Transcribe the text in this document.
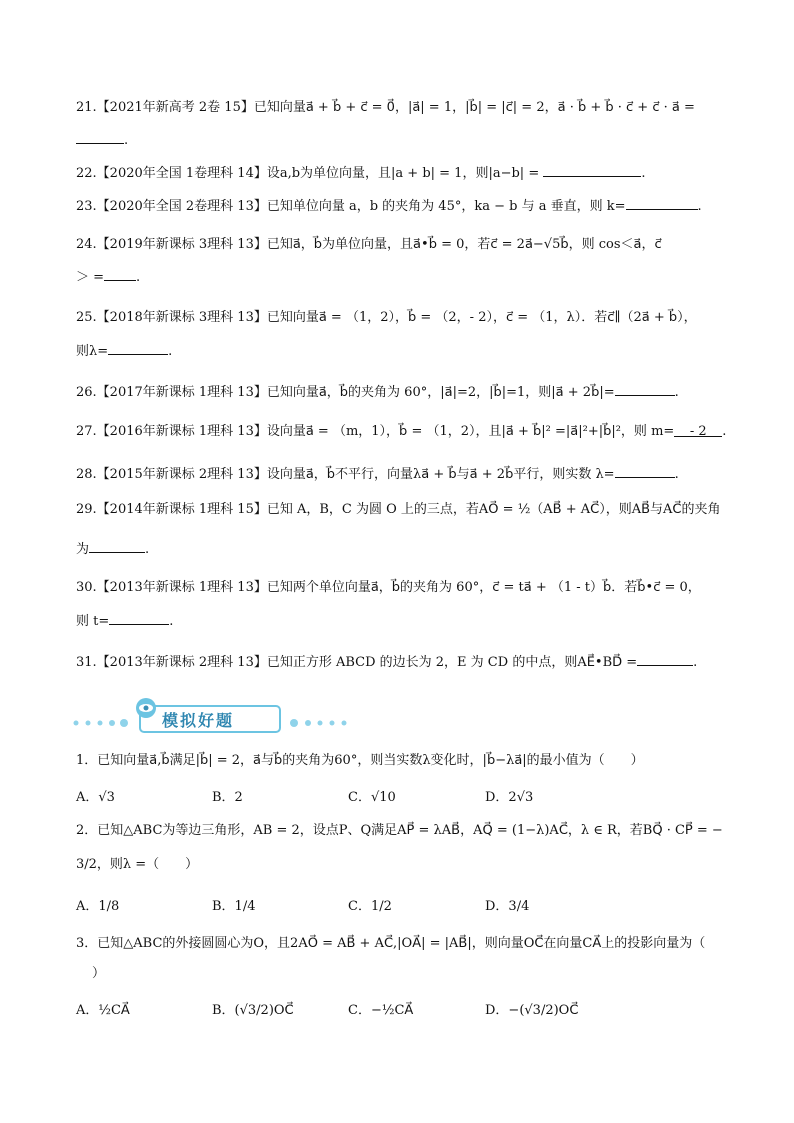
21.【2021年新高考 2卷 15】已知向量a⃗ + b⃗ + c⃗ = 0⃗，|a⃗| = 1，|b⃗| = |c⃗| = 2，a⃗ · b⃗ + b⃗ · c⃗ + c⃗ · a⃗ =
.
22.【2020年全国 1卷理科 14】设a,b为单位向量，且|a + b| = 1，则|a−b| =	.
23.【2020年全国 2卷理科 13】已知单位向量 a，b 的夹角为 45°，ka − b 与 a 垂直，则 k=	.
24.【2019年新课标 3理科 13】已知a⃗，b⃗为单位向量，且a⃗•b⃗ = 0，若c⃗ = 2a⃗−√5b⃗，则 cos＜a⃗，c⃗
＞ = .
25.【2018年新课标 3理科 13】已知向量a⃗ = （1，2），b⃗ = （2，- 2），c⃗ = （1，λ）．若c⃗∥（2a⃗ + b⃗），
则λ=	.
26.【2017年新课标 1理科 13】已知向量a⃗，b⃗的夹角为 60°，|a⃗|=2，|b⃗|=1，则|a⃗ + 2b⃗|=	.
27.【2016年新课标 1理科 13】设向量a⃗ = （m，1），b⃗ = （1，2），且|a⃗ + b⃗|² =|a⃗|²+|b⃗|²，则 m= - 2 .
28.【2015年新课标 2理科 13】设向量a⃗，b⃗不平行，向量λa⃗ + b⃗与a⃗ + 2b⃗平行，则实数 λ=	.
29.【2014年新课标 1理科 15】已知 A，B，C 为圆 O 上的三点，若AO⃗ = ½（AB⃗ + AC⃗），则AB⃗与AC⃗的夹角
为	.
30.【2013年新课标 1理科 13】已知两个单位向量a⃗，b⃗的夹角为 60°，c⃗ = ta⃗ + （1 - t）b⃗．若b⃗•c⃗ = 0，
则 t=	.
31.【2013年新课标 2理科 13】已知正方形 ABCD 的边长为 2，E 为 CD 的中点，则AE⃗•BD⃗ =	.
模拟好题
1．已知向量a⃗,b⃗满足|b⃗| = 2，a⃗与b⃗的夹角为60°，则当实数λ变化时，|b⃗−λa⃗|的最小值为（　　）
A．√3	B．2	C．√10	D．2√3
2．已知△ABC为等边三角形，AB = 2，设点P、Q满足AP⃗ = λAB⃗，AQ⃗ = (1−λ)AC⃗，λ ∈ R，若BQ⃗ · CP⃗ = −
3/2，则λ =（　　）
A．1/8	B．1/4	C．1/2	D．3/4
3．已知△ABC的外接圆圆心为O，且2AO⃗ = AB⃗ + AC⃗,|OA⃗| = |AB⃗|，则向量OC⃗在向量CA⃗上的投影向量为（
）
A．½CA⃗	B．(√3/2)OC⃗	C．−½CA⃗	D．−(√3/2)OC⃗
